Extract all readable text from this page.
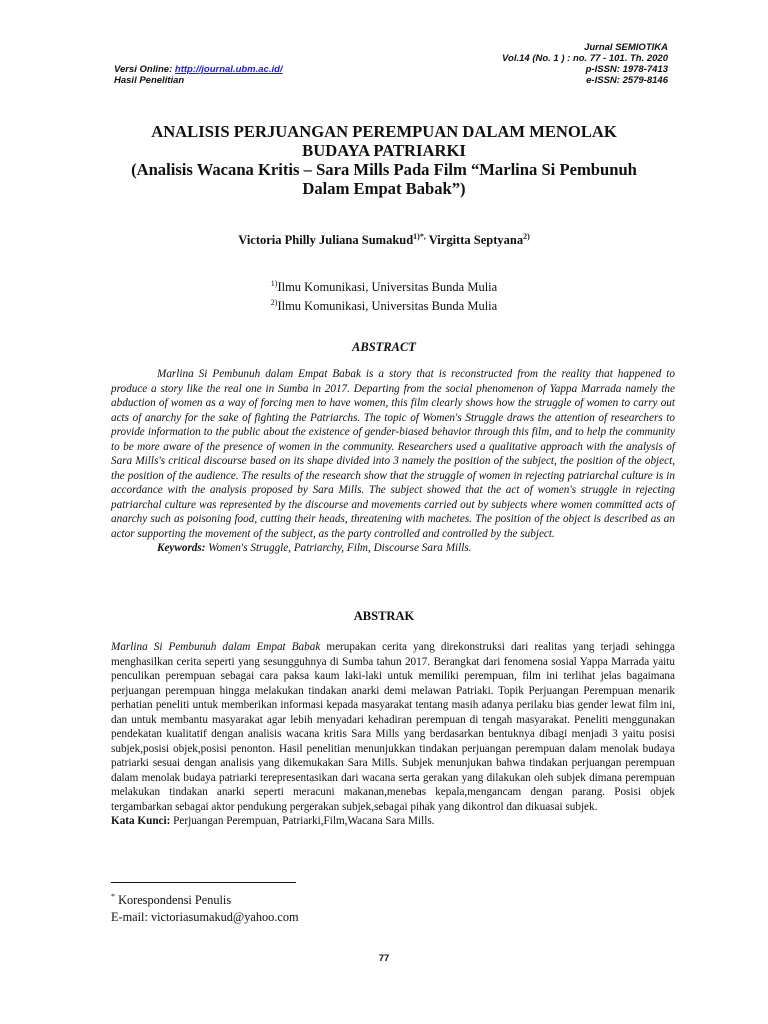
Jurnal SEMIOTIKA
Vol.14 (No. 1 ) : no. 77 - 101. Th. 2020
p-ISSN: 1978-7413
e-ISSN: 2579-8146
Versi Online: http://journal.ubm.ac.id/
Hasil Penelitian
ANALISIS PERJUANGAN PEREMPUAN DALAM MENOLAK
BUDAYA PATRIARKI
(Analisis Wacana Kritis – Sara Mills Pada Film “Marlina Si Pembunuh
Dalam Empat Babak”)
Victoria Philly Juliana Sumakud$^{1)*,}$ Virgitta Septyana$^{2)}$
$^{1)}$Ilmu Komunikasi, Universitas Bunda Mulia
$^{2)}$Ilmu Komunikasi, Universitas Bunda Mulia
ABSTRACT

Marlina Si Pembunuh dalam Empat Babak is a story that is reconstructed from the reality that happened to produce a story like the real one in Sumba in 2017. Departing from the social phenomenon of Yappa Marrada namely the abduction of women as a way of forcing men to have women, this film clearly shows how the struggle of women to carry out acts of anarchy for the sake of fighting the Patriarchs. The topic of Women's Struggle draws the attention of researchers to provide information to the public about the existence of gender-biased behavior through this film, and to help the community to be more aware of the presence of women in the community. Researchers used a qualitative approach with the analysis of Sara Mills's critical discourse based on its shape divided into 3 namely the position of the subject, the position of the object, the position of the audience. The results of the research show that the struggle of women in rejecting patriarchal culture is in accordance with the analysis proposed by Sara Mills. The subject showed that the act of women's struggle in rejecting patriarchal culture was represented by the discourse and movements carried out by subjects where women committed acts of anarchy such as poisoning food, cutting their heads, threatening with machetes. The position of the object is described as an actor supporting the movement of the subject, as the party controlled and controlled by the subject.

Keywords: Women's Struggle, Patriarchy, Film, Discourse Sara Mills.

ABSTRAK

Marlina Si Pembunuh dalam Empat Babak merupakan cerita yang direkonstruksi dari realitas yang terjadi sehingga menghasilkan cerita seperti yang sesungguhnya di Sumba tahun 2017. Berangkat dari fenomena sosial Yappa Marrada yaitu penculikan perempuan sebagai cara paksa kaum laki-laki untuk memiliki perempuan, film ini terlihat jelas bagaimana perjuangan perempuan hingga melakukan tindakan anarki demi melawan Patriaki. Topik Perjuangan Perempuan menarik perhatian peneliti untuk memberikan informasi kepada masyarakat tentang masih adanya perilaku bias gender lewat film ini, dan untuk membantu masyarakat agar lebih menyadari kehadiran perempuan di tengah masyarakat. Peneliti menggunakan pendekatan kualitatif dengan analisis wacana kritis Sara Mills yang berdasarkan bentuknya dibagi menjadi 3 yaitu posisi subjek,posisi objek,posisi penonton. Hasil penelitian menunjukkan tindakan perjuangan perempuan dalam menolak budaya patriarki sesuai dengan analisis yang dikemukakan Sara Mills. Subjek menunjukan bahwa tindakan perjuangan perempuan dalam menolak budaya patriarki terepresentasikan dari wacana serta gerakan yang dilakukan oleh subjek dimana perempuan melakukan tindakan anarki seperti meracuni makanan,menebas kepala,mengancam dengan parang. Posisi objek tergambarkan sebagai aktor pendukung pergerakan subjek,sebagai pihak yang dikontrol dan dikuasai subjek.

Kata Kunci: Perjuangan Perempuan, Patriarki,Film,Wacana Sara Mills.

* Korespondensi Penulis
E-mail: victoriasumakud@yahoo.com
77
